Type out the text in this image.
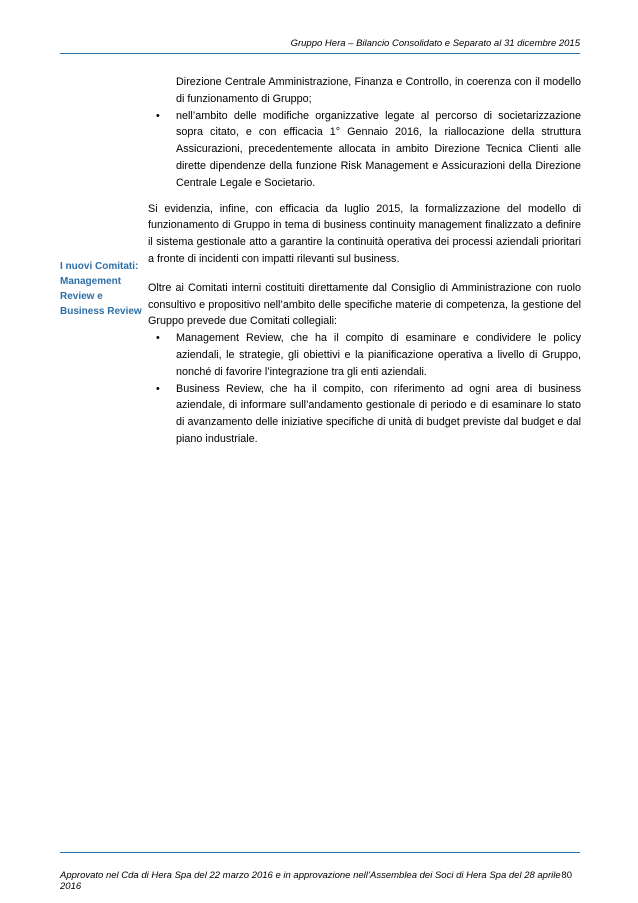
Gruppo Hera – Bilancio Consolidato e Separato al 31 dicembre 2015
I nuovi Comitati:
Management
Review e
Business Review

Direzione Centrale Amministrazione, Finanza e Controllo, in coerenza con il modello di funzionamento di Gruppo;

• nell’ambito delle modifiche organizzative legate al percorso di societarizzazione sopra citato, e con efficacia 1° Gennaio 2016, la riallocazione della struttura Assicurazioni, precedentemente allocata in ambito Direzione Tecnica Clienti alle dirette dipendenze della funzione Risk Management e Assicurazioni della Direzione Centrale Legale e Societario.

Si evidenzia, infine, con efficacia da luglio 2015, la formalizzazione del modello di funzionamento di Gruppo in tema di business continuity management finalizzato a definire il sistema gestionale atto a garantire la continuità operativa dei processi aziendali prioritari a fronte di incidenti con impatti rilevanti sul business.

Oltre ai Comitati interni costituiti direttamente dal Consiglio di Amministrazione con ruolo consultivo e propositivo nell’ambito delle specifiche materie di competenza, la gestione del Gruppo prevede due Comitati collegiali:

• Management Review, che ha il compito di esaminare e condividere le policy aziendali, le strategie, gli obiettivi e la pianificazione operativa a livello di Gruppo, nonché di favorire l’integrazione tra gli enti aziendali.
• Business Review, che ha il compito, con riferimento ad ogni area di business aziendale, di informare sull’andamento gestionale di periodo e di esaminare lo stato di avanzamento delle iniziative specifiche di unità di budget previste dal budget e dal piano industriale.
Approvato nel Cda di Hera Spa del 22 marzo 2016 e in approvazione nell’Assemblea dei Soci di Hera Spa del 28 aprile 2016
80
